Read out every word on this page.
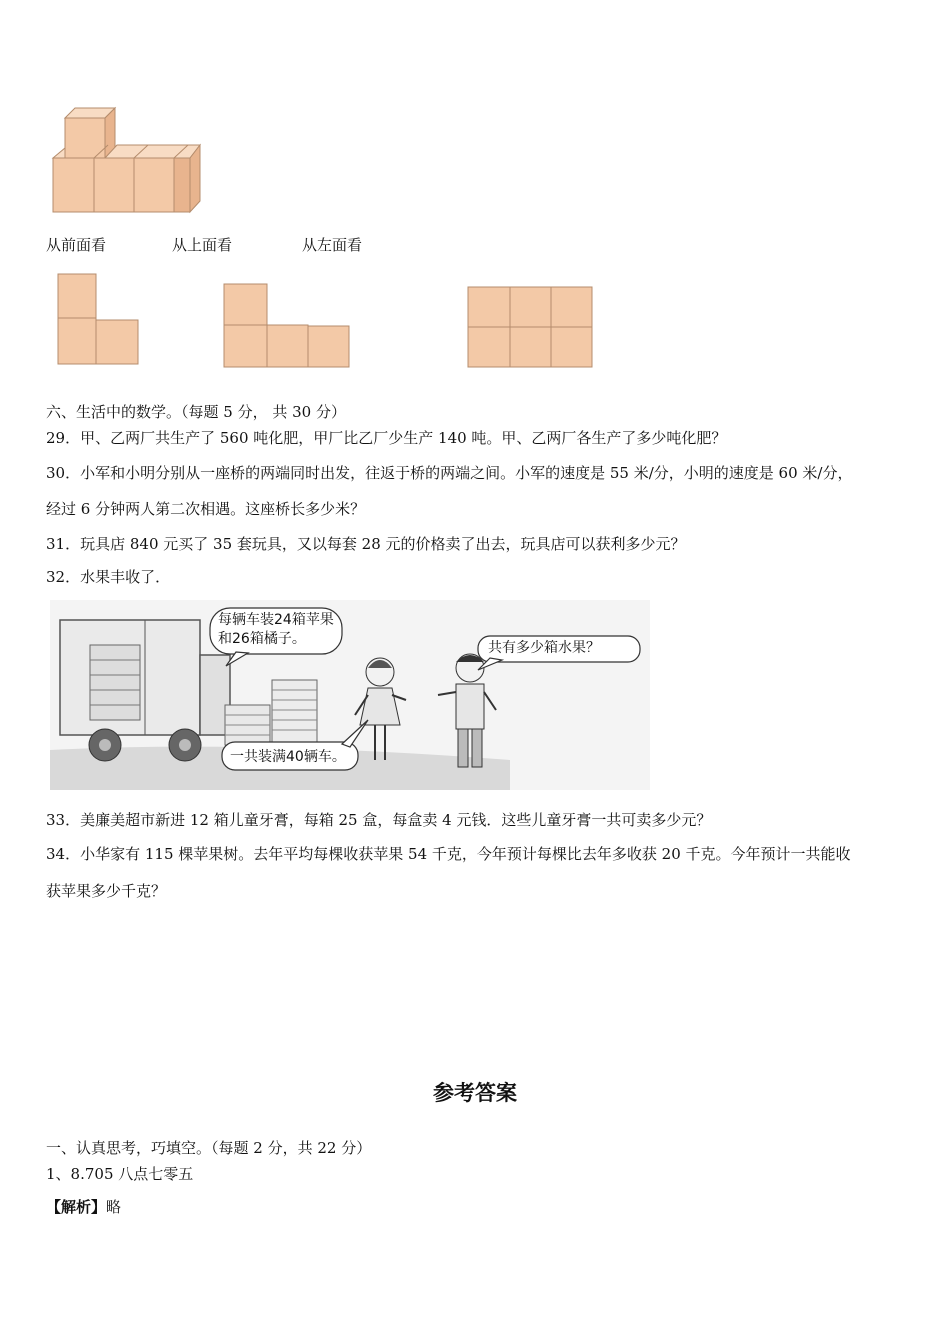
从前面看	从上面看	从左面看
六、生活中的数学。（每题 5 分， 共 30 分）
29．甲、乙两厂共生产了 560 吨化肥，甲厂比乙厂少生产 140 吨。甲、乙两厂各生产了多少吨化肥？
30．小军和小明分别从一座桥的两端同时出发，往返于桥的两端之间。小军的速度是 55 米/分，小明的速度是 60 米/分，
经过 6 分钟两人第二次相遇。这座桥长多少米？
31．玩具店 840 元买了 35 套玩具，又以每套 28 元的价格卖了出去，玩具店可以获利多少元？
32．水果丰收了．
每辆车装24箱苹果
和26箱橘子。
共有多少箱水果？
一共装满40辆车。
33．美廉美超市新进 12 箱儿童牙膏，每箱 25 盒，每盒卖 4 元钱．这些儿童牙膏一共可卖多少元？
34．小华家有 115 棵苹果树。去年平均每棵收获苹果 54 千克，今年预计每棵比去年多收获 20 千克。今年预计一共能收
获苹果多少千克？
参考答案
一、认真思考，巧填空。（每题 2 分，共 22 分）
1、8.705 八点七零五
【解析】略
